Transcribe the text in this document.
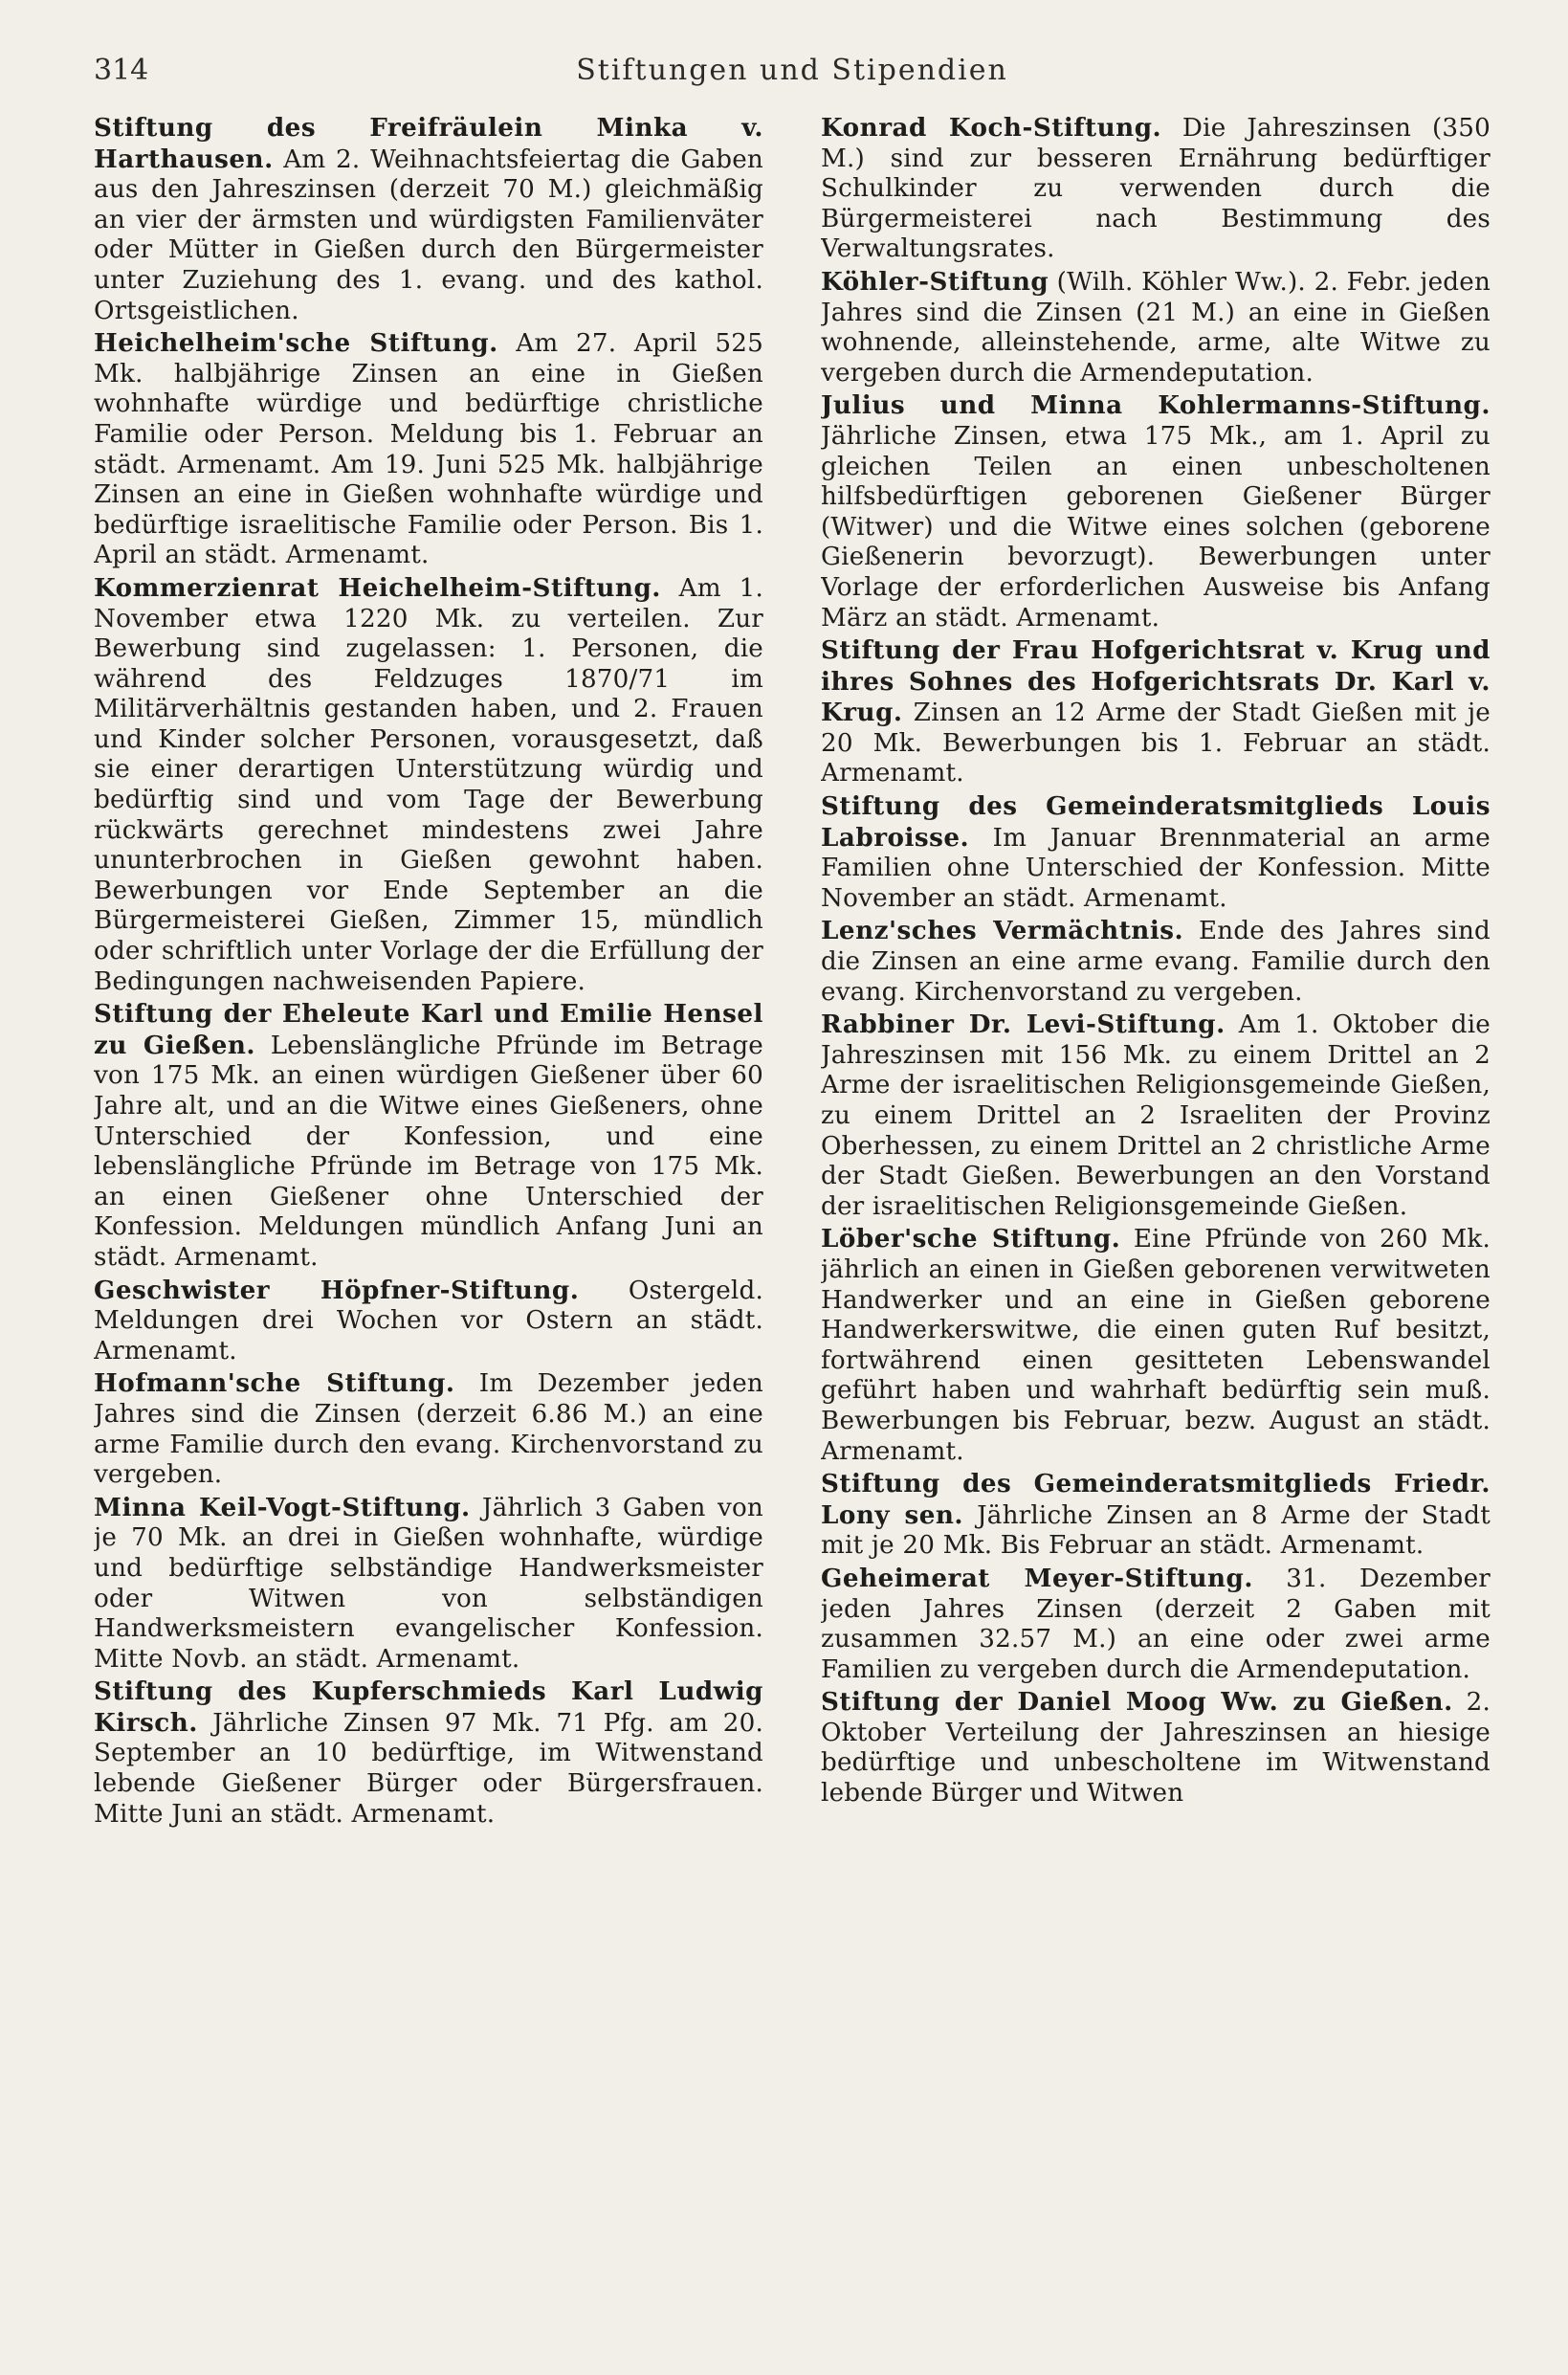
314	Stiftungen und Stipendien

Stiftung des Freifräulein Minka v. Harthausen. Am 2. Weihnachtsfeiertag die Gaben aus den Jahreszinsen (derzeit 70 M.) gleichmäßig an vier der ärmsten und würdigsten Familienväter oder Mütter in Gießen durch den Bürgermeister unter Zuziehung des 1. evang. und des kathol. Ortsgeistlichen.

Heichelheim'sche Stiftung. Am 27. April 525 Mk. halbjährige Zinsen an eine in Gießen wohnhafte würdige und bedürftige christliche Familie oder Person. Meldung bis 1. Februar an städt. Armenamt. Am 19. Juni 525 Mk. halbjährige Zinsen an eine in Gießen wohnhafte würdige und bedürftige israelitische Familie oder Person. Bis 1. April an städt. Armenamt.

Kommerzienrat Heichelheim-Stiftung. Am 1. November etwa 1220 Mk. zu verteilen. Zur Bewerbung sind zugelassen: 1. Personen, die während des Feldzuges 1870/71 im Militärverhältnis gestanden haben, und 2. Frauen und Kinder solcher Personen, vorausgesetzt, daß sie einer derartigen Unterstützung würdig und bedürftig sind und vom Tage der Bewerbung rückwärts gerechnet mindestens zwei Jahre ununterbrochen in Gießen gewohnt haben. Bewerbungen vor Ende September an die Bürgermeisterei Gießen, Zimmer 15, mündlich oder schriftlich unter Vorlage der die Erfüllung der Bedingungen nachweisenden Papiere.

Stiftung der Eheleute Karl und Emilie Hensel zu Gießen. Lebenslängliche Pfründe im Betrage von 175 Mk. an einen würdigen Gießener über 60 Jahre alt, und an die Witwe eines Gießeners, ohne Unterschied der Konfession, und eine lebenslängliche Pfründe im Betrage von 175 Mk. an einen Gießener ohne Unterschied der Konfession. Meldungen mündlich Anfang Juni an städt. Armenamt.

Geschwister Höpfner-Stiftung. Ostergeld. Meldungen drei Wochen vor Ostern an städt. Armenamt.

Hofmann'sche Stiftung. Im Dezember jeden Jahres sind die Zinsen (derzeit 6.86 M.) an eine arme Familie durch den evang. Kirchenvorstand zu vergeben.

Minna Keil-Vogt-Stiftung. Jährlich 3 Gaben von je 70 Mk. an drei in Gießen wohnhafte, würdige und bedürftige selbständige Handwerksmeister oder Witwen von selbständigen Handwerksmeistern evangelischer Konfession. Mitte Novb. an städt. Armenamt.

Stiftung des Kupferschmieds Karl Ludwig Kirsch. Jährliche Zinsen 97 Mk. 71 Pfg. am 20. September an 10 bedürftige, im Witwenstand lebende Gießener Bürger oder Bürgersfrauen. Mitte Juni an städt. Armenamt.

Konrad Koch-Stiftung. Die Jahreszinsen (350 M.) sind zur besseren Ernährung bedürftiger Schulkinder zu verwenden durch die Bürgermeisterei nach Bestimmung des Verwaltungsrates.

Köhler-Stiftung (Wilh. Köhler Ww.). 2. Febr. jeden Jahres sind die Zinsen (21 M.) an eine in Gießen wohnende, alleinstehende, arme, alte Witwe zu vergeben durch die Armendeputation.

Julius und Minna Kohlermanns-Stiftung. Jährliche Zinsen, etwa 175 Mk., am 1. April zu gleichen Teilen an einen unbescholtenen hilfsbedürftigen geborenen Gießener Bürger (Witwer) und die Witwe eines solchen (geborene Gießenerin bevorzugt). Bewerbungen unter Vorlage der erforderlichen Ausweise bis Anfang März an städt. Armenamt.

Stiftung der Frau Hofgerichtsrat v. Krug und ihres Sohnes des Hofgerichtsrats Dr. Karl v. Krug. Zinsen an 12 Arme der Stadt Gießen mit je 20 Mk. Bewerbungen bis 1. Februar an städt. Armenamt.

Stiftung des Gemeinderatsmitglieds Louis Labroisse. Im Januar Brennmaterial an arme Familien ohne Unterschied der Konfession. Mitte November an städt. Armenamt.

Lenz'sches Vermächtnis. Ende des Jahres sind die Zinsen an eine arme evang. Familie durch den evang. Kirchenvorstand zu vergeben.

Rabbiner Dr. Levi-Stiftung. Am 1. Oktober die Jahreszinsen mit 156 Mk. zu einem Drittel an 2 Arme der israelitischen Religionsgemeinde Gießen, zu einem Drittel an 2 Israeliten der Provinz Oberhessen, zu einem Drittel an 2 christliche Arme der Stadt Gießen. Bewerbungen an den Vorstand der israelitischen Religionsgemeinde Gießen.

Löber'sche Stiftung. Eine Pfründe von 260 Mk. jährlich an einen in Gießen geborenen verwitweten Handwerker und an eine in Gießen geborene Handwerkerswitwe, die einen guten Ruf besitzt, fortwährend einen gesitteten Lebenswandel geführt haben und wahrhaft bedürftig sein muß. Bewerbungen bis Februar, bezw. August an städt. Armenamt.

Stiftung des Gemeinderatsmitglieds Friedr. Lony sen. Jährliche Zinsen an 8 Arme der Stadt mit je 20 Mk. Bis Februar an städt. Armenamt.

Geheimerat Meyer-Stiftung. 31. Dezember jeden Jahres Zinsen (derzeit 2 Gaben mit zusammen 32.57 M.) an eine oder zwei arme Familien zu vergeben durch die Armendeputation.

Stiftung der Daniel Moog Ww. zu Gießen. 2. Oktober Verteilung der Jahreszinsen an hiesige bedürftige und unbescholtene im Witwenstand lebende Bürger und Witwen
